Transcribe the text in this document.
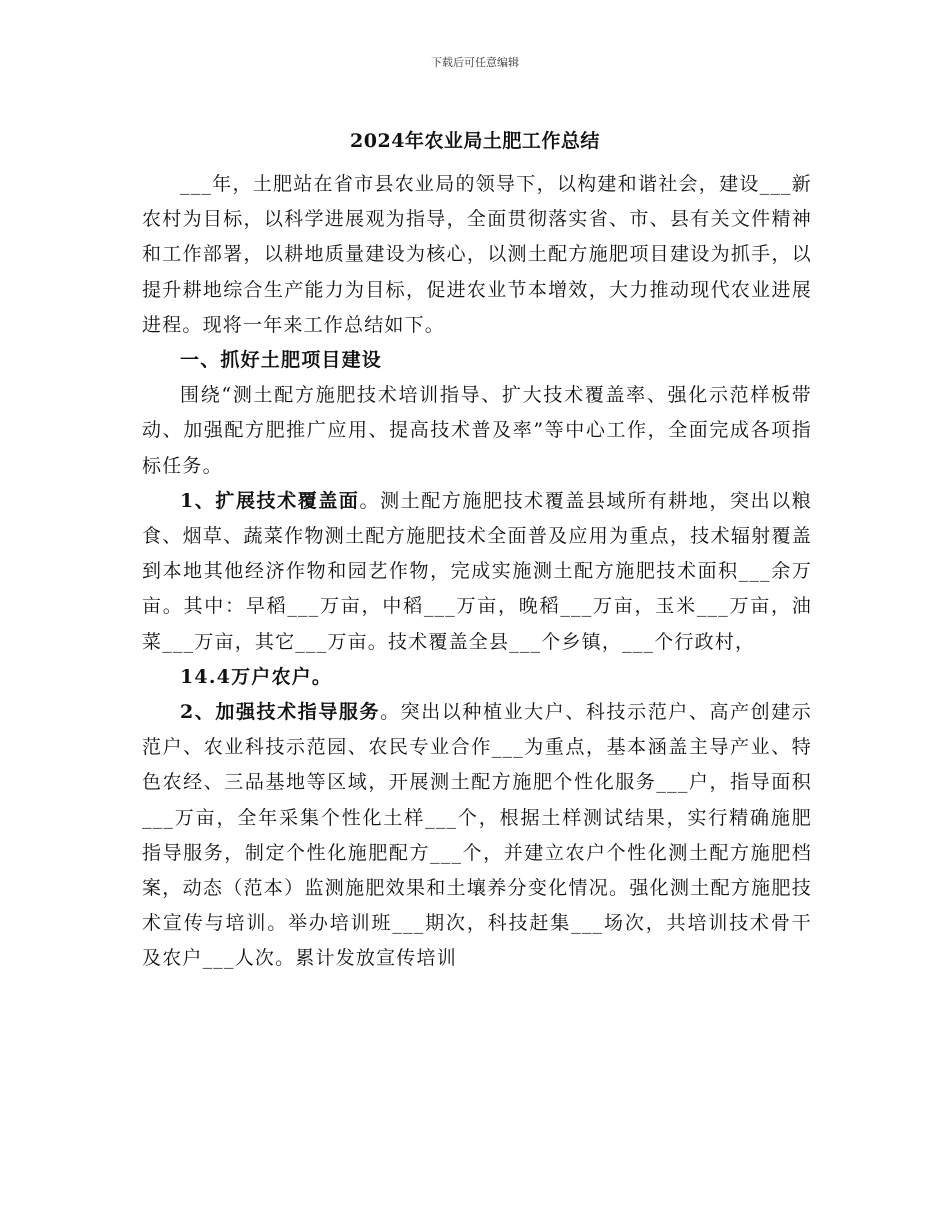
下载后可任意编辑
2024年农业局土肥工作总结

___年，土肥站在省市县农业局的领导下，以构建和谐社会，建设___新农村为目标，以科学进展观为指导，全面贯彻落实省、市、县有关文件精神和工作部署，以耕地质量建设为核心，以测土配方施肥项目建设为抓手，以提升耕地综合生产能力为目标，促进农业节本增效，大力推动现代农业进展进程。现将一年来工作总结如下。

一、抓好土肥项目建设

围绕“测土配方施肥技术培训指导、扩大技术覆盖率、强化示范样板带动、加强配方肥推广应用、提高技术普及率”等中心工作，全面完成各项指标任务。

1、扩展技术覆盖面。测土配方施肥技术覆盖县域所有耕地，突出以粮食、烟草、蔬菜作物测土配方施肥技术全面普及应用为重点，技术辐射覆盖到本地其他经济作物和园艺作物，完成实施测土配方施肥技术面积___余万亩。其中：早稻___万亩，中稻___万亩，晚稻___万亩，玉米___万亩，油菜___万亩，其它___万亩。技术覆盖全县___个乡镇，___个行政村，

14.4万户农户。

2、加强技术指导服务。突出以种植业大户、科技示范户、高产创建示范户、农业科技示范园、农民专业合作___为重点，基本涵盖主导产业、特色农经、三品基地等区域，开展测土配方施肥个性化服务___户，指导面积___万亩，全年采集个性化土样___个，根据土样测试结果，实行精确施肥指导服务，制定个性化施肥配方___个，并建立农户个性化测土配方施肥档案，动态（范本）监测施肥效果和土壤养分变化情况。强化测土配方施肥技术宣传与培训。举办培训班___期次，科技赶集___场次，共培训技术骨干及农户___人次。累计发放宣传培训
